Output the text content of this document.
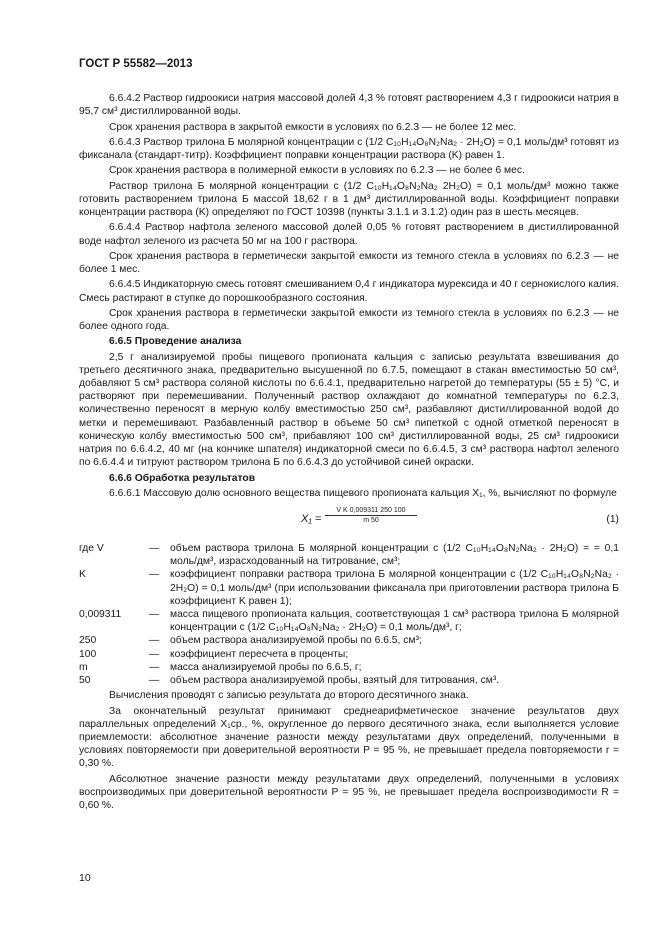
ГОСТ Р 55582—2013

6.6.4.2 Раствор гидроокиси натрия массовой долей 4,3 % готовят растворением 4,3 г гидроокиси натрия в 95,7 см³ дистиллированной воды.

Срок хранения раствора в закрытой емкости в условиях по 6.2.3 — не более 12 мес.

6.6.4.3 Раствор трилона Б молярной концентрации c (1/2 C₁₀H₁₄O₈N₂Na₂ · 2H₂O) = 0,1 моль/дм³ готовят из фиксанала (стандарт-титр). Коэффициент поправки концентрации раствора (K) равен 1.

Срок хранения раствора в полимерной емкости в условиях по 6.2.3 — не более 6 мес.

Раствор трилона Б молярной концентрации c (1/2 C₁₀H₁₄O₈N₂Na₂ 2H₂O) = 0,1 моль/дм³ можно также готовить растворением трилона Б массой 18,62 г в 1 дм³ дистиллированной воды. Коэффициент поправки концентрации раствора (K) определяют по ГОСТ 10398 (пункты 3.1.1 и 3.1.2) один раз в шесть месяцев.

6.6.4.4 Раствор нафтола зеленого массовой долей 0,05 % готовят растворением в дистиллированной воде нафтол зеленого из расчета 50 мг на 100 г раствора.

Срок хранения раствора в герметически закрытой емкости из темного стекла в условиях по 6.2.3 — не более 1 мес.

6.6.4.5 Индикаторную смесь готовят смешиванием 0,4 г индикатора мурексида и 40 г сернокислого калия. Смесь растирают в ступке до порошкообразного состояния.

Срок хранения раствора в герметически закрытой емкости из темного стекла в условиях по 6.2.3 — не более одного года.

6.6.5 Проведение анализа

2,5 г анализируемой пробы пищевого пропионата кальция с записью результата взвешивания до третьего десятичного знака, предварительно высушенной по 6.7.5, помещают в стакан вместимостью 50 см³, добавляют 5 см³ раствора соляной кислоты по 6.6.4.1, предварительно нагретой до температуры (55 ± 5) °С, и растворяют при перемешивании. Полученный раствор охлаждают до комнатной температуры по 6.2.3, количественно переносят в мерную колбу вместимостью 250 см³, разбавляют дистиллированной водой до метки и перемешивают. Разбавленный раствор в объеме 50 см³ пипеткой с одной отметкой переносят в коническую колбу вместимостью 500 см³, прибавляют 100 см³ дистиллированной воды, 25 см³ гидроокиси натрия по 6.6.4.2, 40 мг (на кончике шпателя) индикаторной смеси по 6.6.4.5, 3 см³ раствора нафтол зеленого по 6.6.4.4 и титруют раствором трилона Б по 6.6.4.3 до устойчивой синей окраски.

6.6.6 Обработка результатов

6.6.6.1 Массовую долю основного вещества пищевого пропионата кальция X₁, %, вычисляют по формуле

$X_1 = \frac{\text{V K 0,009311 250 100}}{m 50}$	(1)
где V	—	объем раствора трилона Б молярной концентрации c (1/2 C₁₀H₁₄O₈N₂Na₂ · 2H₂O) = = 0,1 моль/дм³, израсходованный на титрование, см³;
K	—	коэффициент поправки раствора трилона Б молярной концентрации c (1/2 C₁₀H₁₄O₈N₂Na₂ · 2H₂O) = 0,1 моль/дм³ (при использовании фиксанала при приготовлении раствора трилона Б коэффициент K равен 1);
0,009311	—	масса пищевого пропионата кальция, соответствующая 1 см³ раствора трилона Б молярной концентрации c (1/2 C₁₀H₁₄O₈N₂Na₂ · 2H₂O) = 0,1 моль/дм³, г;
250	—	объем раствора анализируемой пробы по 6.6.5, см³;
100	—	коэффициент пересчета в проценты;
m	—	масса анализируемой пробы по 6.6.5, г;
50	—	объем раствора анализируемой пробы, взятый для титрования, см³.

Вычисления проводят с записью результата до второго десятичного знака.

За окончательный результат принимают среднеарифметическое значение результатов двух параллельных определений X₁ср., %, округленное до первого десятичного знака, если выполняется условие приемлемости: абсолютное значение разности между результатами двух определений, полученными в условиях повторяемости при доверительной вероятности P = 95 %, не превышает предела повторяемости r = 0,30 %.

Абсолютное значение разности между результатами двух определений, полученными в условиях воспроизводимых при доверительной вероятности P = 95 %, не превышает предела воспроизводимости R = 0,60 %.

10
